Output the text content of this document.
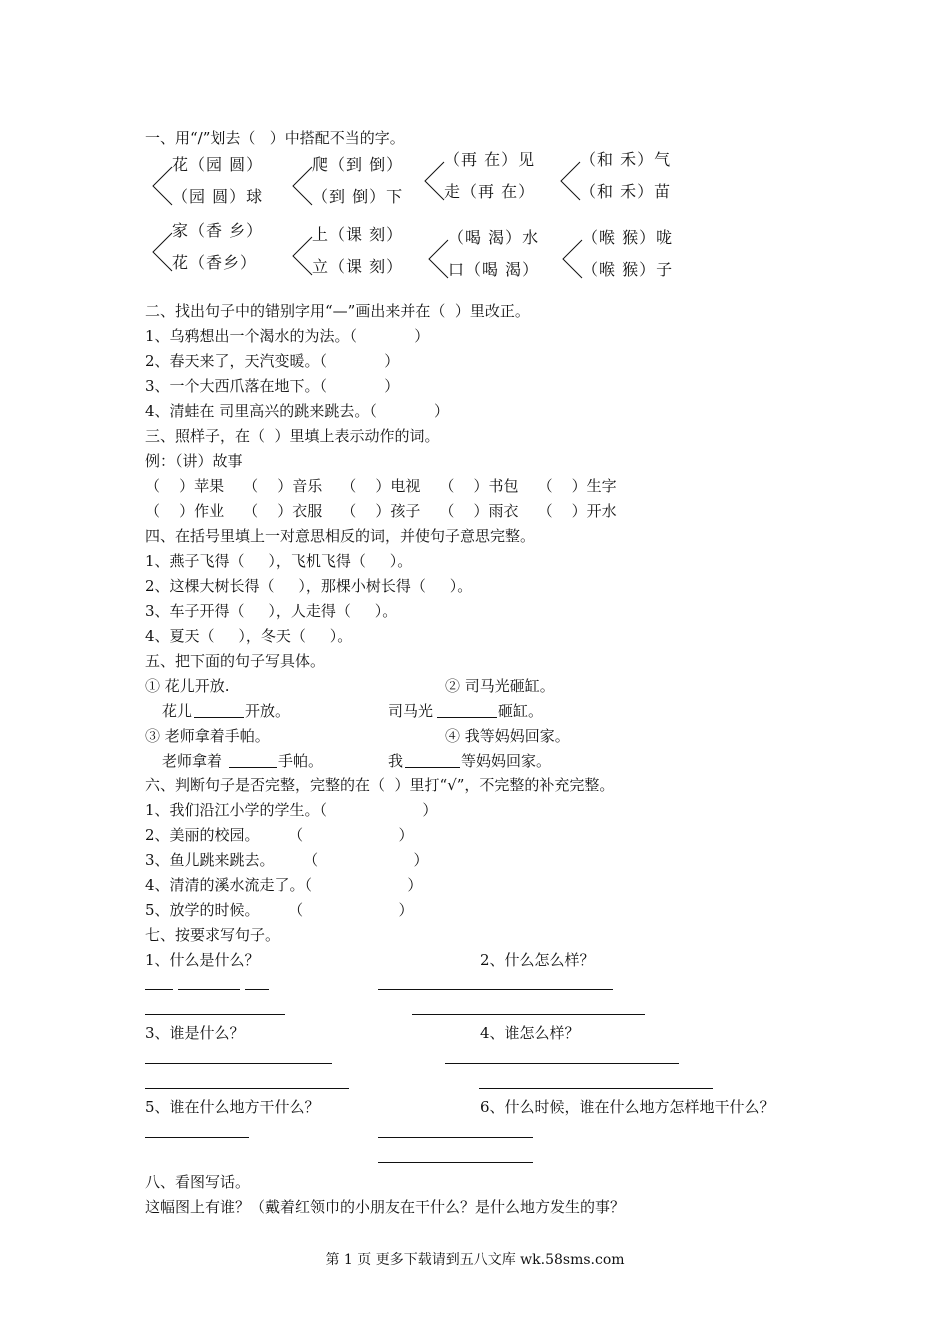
一、用“/”划去（   ）中搭配不当的字。
花（园 圆）
（园 圆）球
爬（到 倒）
（到 倒）下
（再 在）见
走（再 在）
（和 禾）气
（和 禾）苗
家（香 乡）
花（香乡）
上（课 刻）
立（课 刻）
（喝 渴）水
口（喝 渴）
（喉 猴）咙
（喉 猴）子
二、找出句子中的错别字用“—”画出来并在（  ）里改正。
1、乌鸦想出一个渴水的为法。（            ）
2、春天来了，天汽变暖。（            ）
3、一个大西爪落在地下。（            ）
4、清蛙在 司里高兴的跳来跳去。（            ）
三、照样子，在（  ）里填上表示动作的词。
例：（讲）故事
（    ）苹果    （    ）音乐    （    ）电视    （    ）书包    （    ）生字
（    ）作业    （    ）衣服    （    ）孩子    （    ）雨衣    （    ）开水
四、在括号里填上一对意思相反的词，并使句子意思完整。
1、燕子飞得（     ），飞机飞得（     ）。
2、这棵大树长得（     ），那棵小树长得（     ）。
3、车子开得（     ），人走得（     ）。
4、夏天（     ），冬天（     ）。
五、把下面的句子写具体。
① 花儿开放.	② 司马光砸缸。
花儿	开放。	司马光	砸缸。
③ 老师拿着手帕。	④ 我等妈妈回家。
老师拿着	手帕。	我	等妈妈回家。
六、判断句子是否完整，完整的在（  ）里打“√”，不完整的补充完整。
1、我们沿江小学的学生。（                    ）
2、美丽的校园。      （                    ）
3、鱼儿跳来跳去。      （                    ）
4、清清的溪水流走了。（                    ）
5、放学的时候。      （                    ）
七、按要求写句子。
1、什么是什么？	2、什么怎么样？
3、谁是什么？	4、谁怎么样？
5、谁在什么地方干什么？	6、什么时候，谁在什么地方怎样地干什么？
八、看图写话。
这幅图上有谁？（戴着红领巾的小朋友在干什么？是什么地方发生的事？
第 1 页 更多下载请到五八文库 wk.58sms.com
